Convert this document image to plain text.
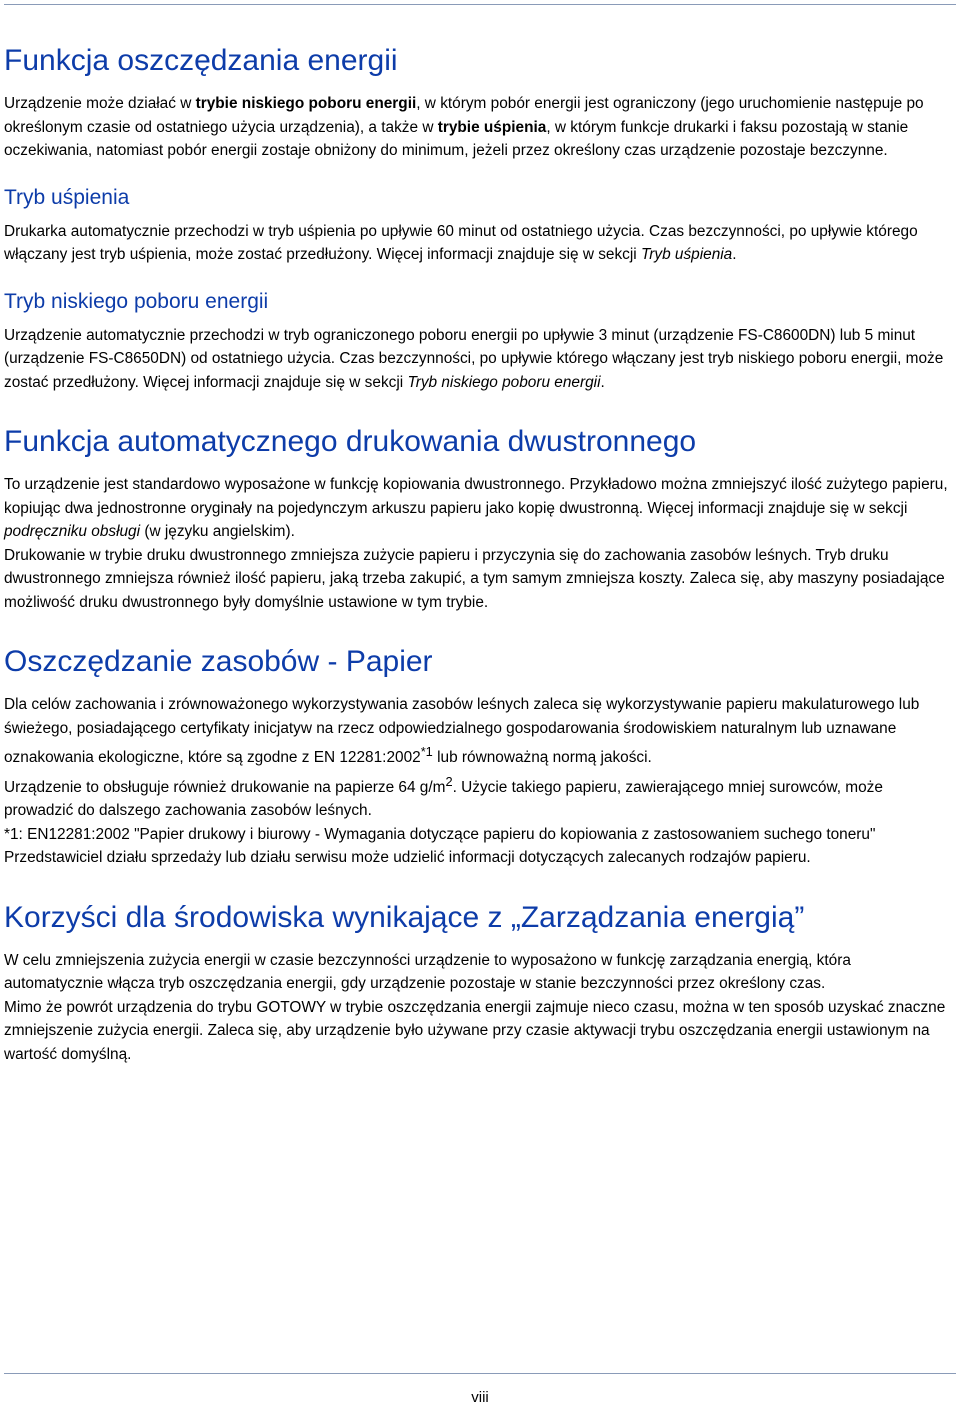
Funkcja oszczędzania energii

Urządzenie może działać w trybie niskiego poboru energii, w którym pobór energii jest ograniczony (jego uruchomienie następuje po określonym czasie od ostatniego użycia urządzenia), a także w trybie uśpienia, w którym funkcje drukarki i faksu pozostają w stanie oczekiwania, natomiast pobór energii zostaje obniżony do minimum, jeżeli przez określony czas urządzenie pozostaje bezczynne.

Tryb uśpienia

Drukarka automatycznie przechodzi w tryb uśpienia po upływie 60 minut od ostatniego użycia. Czas bezczynności, po upływie którego włączany jest tryb uśpienia, może zostać przedłużony. Więcej informacji znajduje się w sekcji Tryb uśpienia.

Tryb niskiego poboru energii

Urządzenie automatycznie przechodzi w tryb ograniczonego poboru energii po upływie 3 minut (urządzenie FS-C8600DN) lub 5 minut (urządzenie FS-C8650DN) od ostatniego użycia. Czas bezczynności, po upływie którego włączany jest tryb niskiego poboru energii, może zostać przedłużony. Więcej informacji znajduje się w sekcji Tryb niskiego poboru energii.

Funkcja automatycznego drukowania dwustronnego

To urządzenie jest standardowo wyposażone w funkcję kopiowania dwustronnego. Przykładowo można zmniejszyć ilość zużytego papieru, kopiując dwa jednostronne oryginały na pojedynczym arkuszu papieru jako kopię dwustronną. Więcej informacji znajduje się w sekcji podręczniku obsługi (w języku angielskim).

Drukowanie w trybie druku dwustronnego zmniejsza zużycie papieru i przyczynia się do zachowania zasobów leśnych. Tryb druku dwustronnego zmniejsza również ilość papieru, jaką trzeba zakupić, a tym samym zmniejsza koszty. Zaleca się, aby maszyny posiadające możliwość druku dwustronnego były domyślnie ustawione w tym trybie.

Oszczędzanie zasobów - Papier

Dla celów zachowania i zrównoważonego wykorzystywania zasobów leśnych zaleca się wykorzystywanie papieru makulaturowego lub świeżego, posiadającego certyfikaty inicjatyw na rzecz odpowiedzialnego gospodarowania środowiskiem naturalnym lub uznawane oznakowania ekologiczne, które są zgodne z EN 12281:2002$^{*1}$ lub równoważną normą jakości.

Urządzenie to obsługuje również drukowanie na papierze 64 $g/m^2$. Użycie takiego papieru, zawierającego mniej surowców, może prowadzić do dalszego zachowania zasobów leśnych.

*1: EN12281:2002 "Papier drukowy i biurowy - Wymagania dotyczące papieru do kopiowania z zastosowaniem suchego toneru"

Przedstawiciel działu sprzedaży lub działu serwisu może udzielić informacji dotyczących zalecanych rodzajów papieru.

Korzyści dla środowiska wynikające z „Zarządzania energią”

W celu zmniejszenia zużycia energii w czasie bezczynności urządzenie to wyposażono w funkcję zarządzania energią, która automatycznie włącza tryb oszczędzania energii, gdy urządzenie pozostaje w stanie bezczynności przez określony czas.

Mimo że powrót urządzenia do trybu GOTOWY w trybie oszczędzania energii zajmuje nieco czasu, można w ten sposób uzyskać znaczne zmniejszenie zużycia energii. Zaleca się, aby urządzenie było używane przy czasie aktywacji trybu oszczędzania energii ustawionym na wartość domyślną.

viii
